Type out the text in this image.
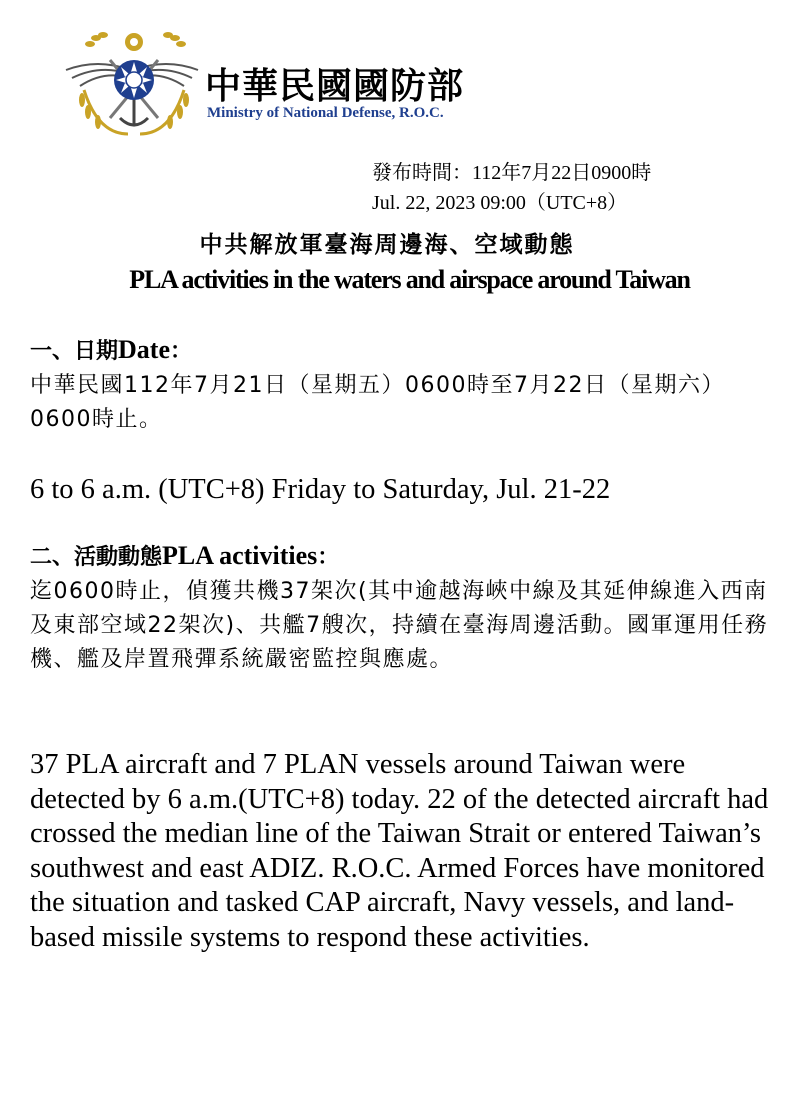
中華民國國防部
Ministry of National Defense, R.O.C.
發布時間：112年7月22日0900時
Jul. 22, 2023 09:00（UTC+8）
中共解放軍臺海周邊海、空域動態
PLA activities in the waters and airspace around Taiwan
一、日期Date：
中華民國112年7月21日（星期五）0600時至7月22日（星期六）0600時止。
6 to 6 a.m. (UTC+8) Friday to Saturday, Jul. 21-22
二、活動動態PLA activities：
迄0600時止，偵獲共機37架次(其中逾越海峽中線及其延伸線進入西南及東部空域22架次)、共艦7艘次，持續在臺海周邊活動。國軍運用任務機、艦及岸置飛彈系統嚴密監控與應處。
37 PLA aircraft and 7 PLAN vessels around Taiwan were detected by 6 a.m.(UTC+8) today. 22 of the detected aircraft had crossed the median line of the Taiwan Strait or entered Taiwan’s southwest and east ADIZ. R.O.C. Armed Forces have monitored the situation and tasked CAP aircraft, Navy vessels, and land-based missile systems to respond these activities.
